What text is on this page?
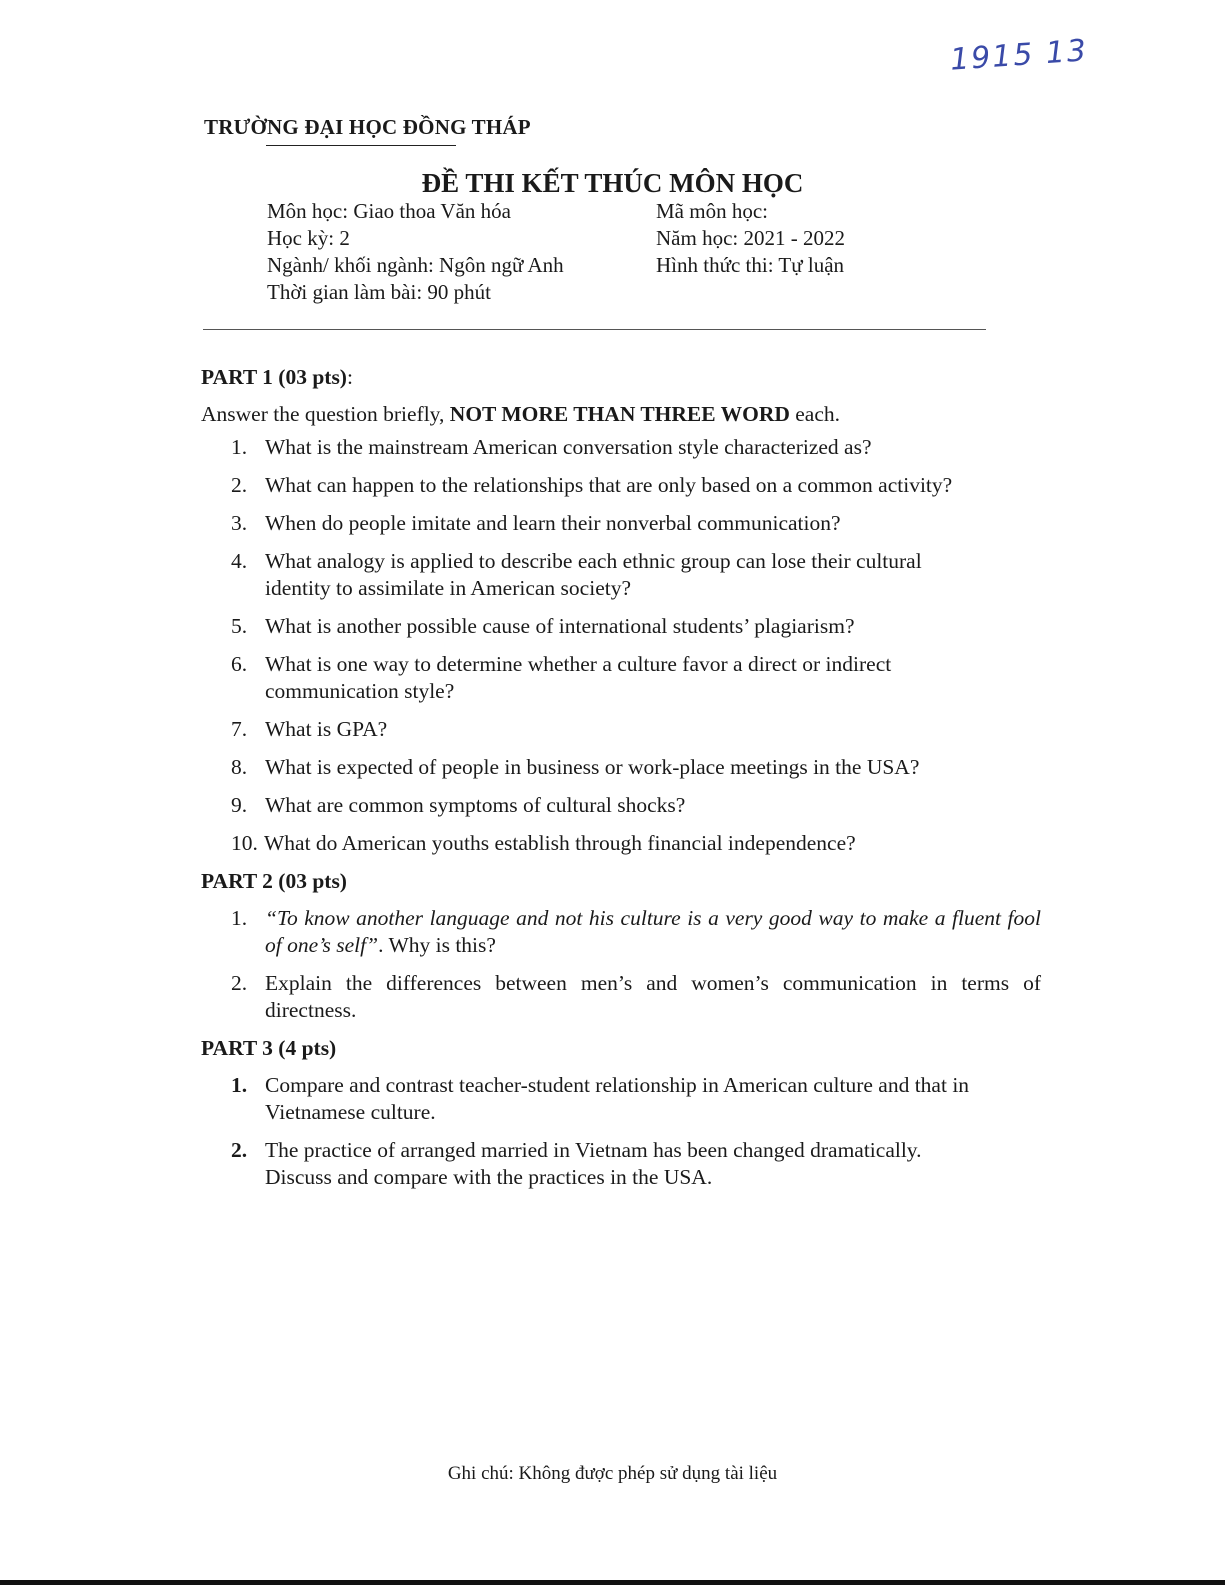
1915 13
TRƯỜNG ĐẠI HỌC ĐỒNG THÁP
ĐỀ THI KẾT THÚC MÔN HỌC
Môn học: Giao thoa Văn hóa
Học kỳ: 2
Ngành/ khối ngành: Ngôn ngữ Anh
Thời gian làm bài: 90 phút
Mã môn học:
Năm học: 2021 - 2022
Hình thức thi: Tự luận

PART 1 (03 pts):

Answer the question briefly, NOT MORE THAN THREE WORD each.

1. What is the mainstream American conversation style characterized as?
2. What can happen to the relationships that are only based on a common activity?
3. When do people imitate and learn their nonverbal communication?
4. What analogy is applied to describe each ethnic group can lose their cultural identity to assimilate in American society?
5. What is another possible cause of international students’ plagiarism?
6. What is one way to determine whether a culture favor a direct or indirect communication style?
7. What is GPA?
8. What is expected of people in business or work-place meetings in the USA?
9. What are common symptoms of cultural shocks?
10. What do American youths establish through financial independence?

PART 2 (03 pts)

1. “To know another language and not his culture is a very good way to make a fluent fool of one’s self”. Why is this?
2. Explain the differences between men’s and women’s communication in terms of directness.

PART 3 (4 pts)

1. Compare and contrast teacher-student relationship in American culture and that in Vietnamese culture.
2. The practice of arranged married in Vietnam has been changed dramatically. Discuss and compare with the practices in the USA.
Ghi chú: Không được phép sử dụng tài liệu
